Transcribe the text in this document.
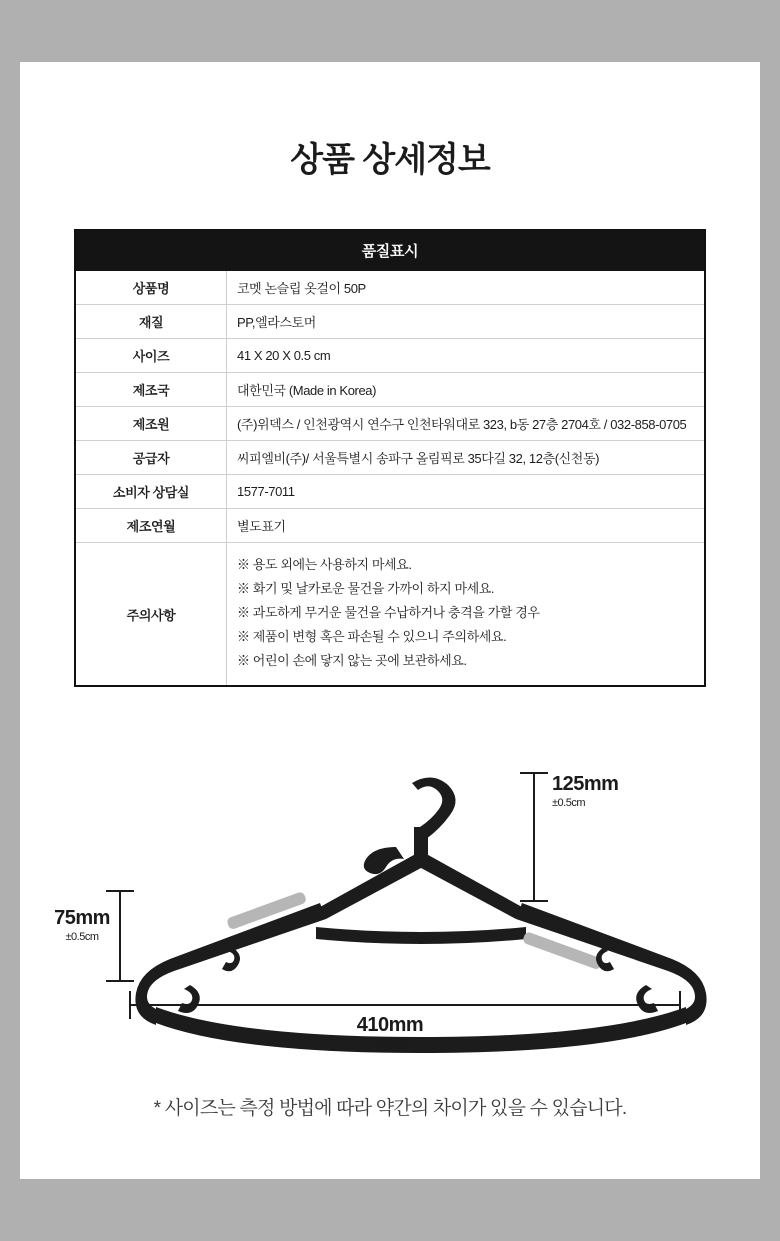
상품 상세정보
품질표시
상품명	코멧 논슬립 옷걸이 50P
재질	PP,엘라스토머
사이즈	41 X 20 X 0.5 cm
제조국	대한민국 (Made in Korea)
제조원	(주)위덱스 / 인천광역시 연수구 인천타워대로 323, b동 27층 2704호 / 032-858-0705
공급자	씨피엘비(주)/ 서울특별시 송파구 올림픽로 35다길 32, 12층(신천동)
소비자 상담실	1577-7011
제조연월	별도표기
주의사항	※ 용도 외에는 사용하지 마세요.
※ 화기 및 날카로운 물건을 가까이 하지 마세요.
※ 과도하게 무거운 물건을 수납하거나 충격을 가할 경우
※ 제품이 변형 혹은 파손될 수 있으니 주의하세요.
※ 어린이 손에 닿지 않는 곳에 보관하세요.
125mm
±0.5cm
75mm
±0.5cm
410mm
±0.5cm
* 사이즈는 측정 방법에 따라 약간의 차이가 있을 수 있습니다.
